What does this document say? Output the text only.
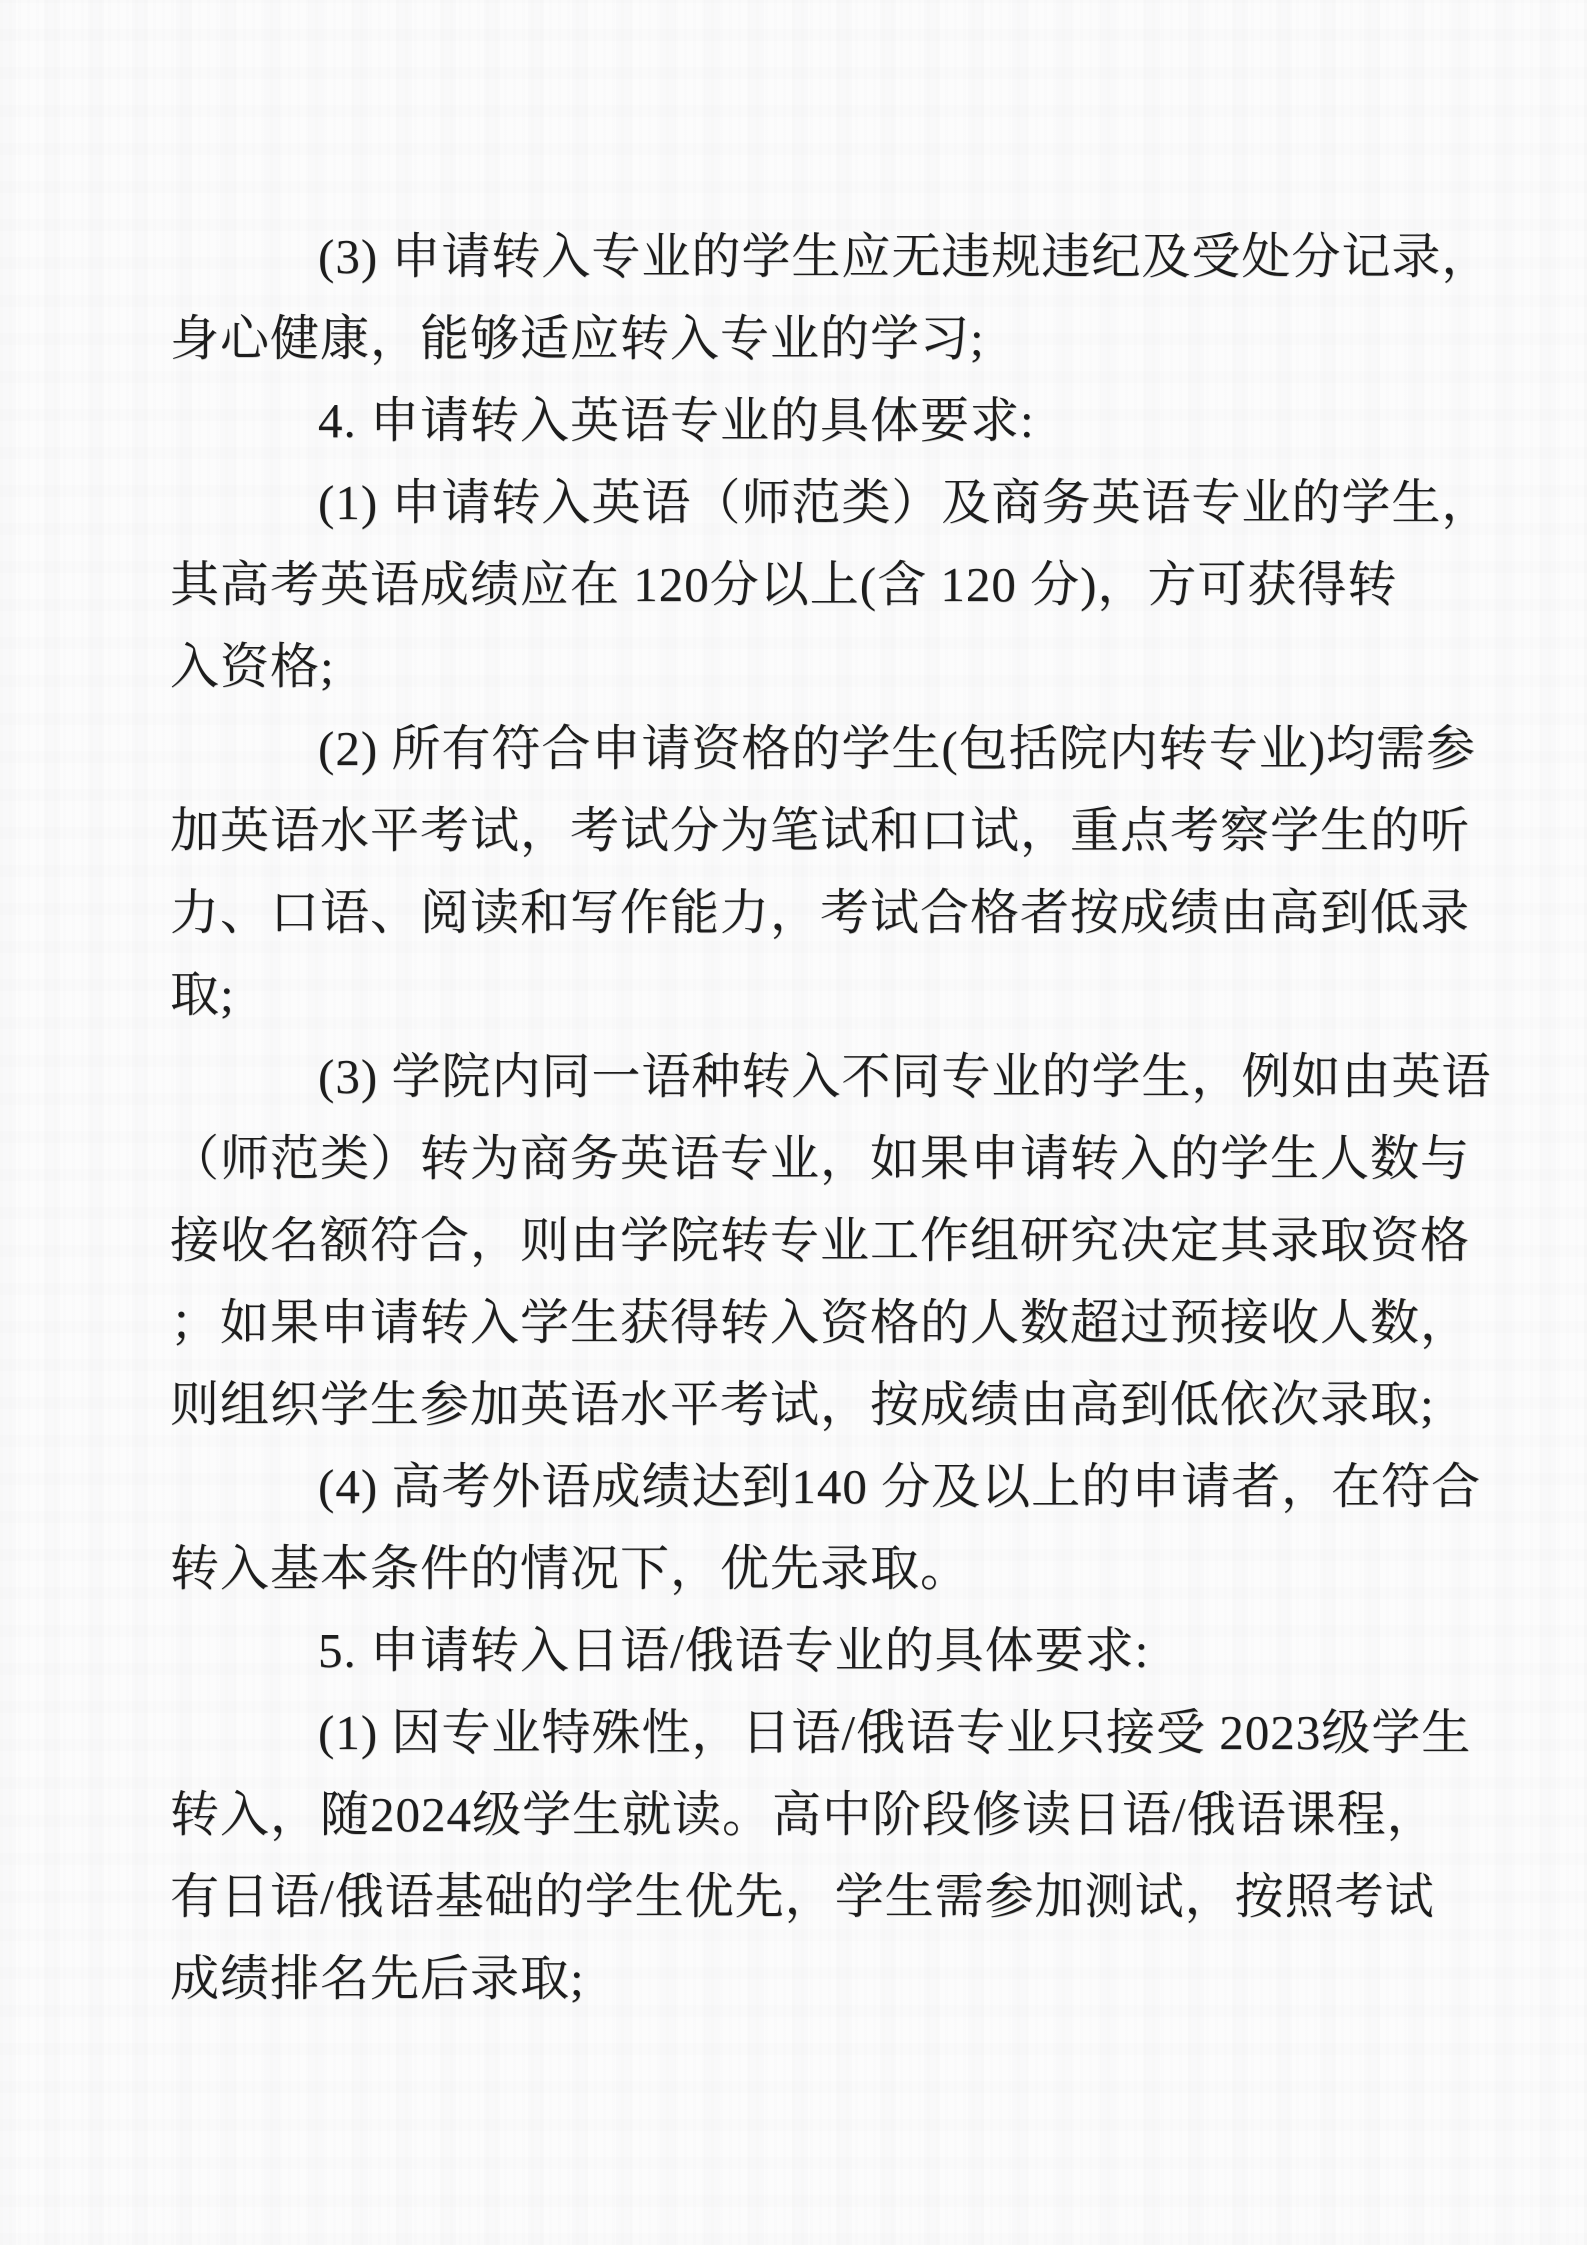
(3) 申请转入专业的学生应无违规违纪及受处分记录，
身心健康，能够适应转入专业的学习;
4. 申请转入英语专业的具体要求:
(1) 申请转入英语（师范类）及商务英语专业的学生，
其高考英语成绩应在 120分以上(含 120 分)，方可获得转
入资格;
(2) 所有符合申请资格的学生(包括院内转专业)均需参
加英语水平考试，考试分为笔试和口试，重点考察学生的听
力、口语、阅读和写作能力，考试合格者按成绩由高到低录
取;
(3) 学院内同一语种转入不同专业的学生，例如由英语
（师范类）转为商务英语专业，如果申请转入的学生人数与
接收名额符合，则由学院转专业工作组研究决定其录取资格
；如果申请转入学生获得转入资格的人数超过预接收人数，
则组织学生参加英语水平考试，按成绩由高到低依次录取;
(4) 高考外语成绩达到140 分及以上的申请者，在符合
转入基本条件的情况下，优先录取。
5. 申请转入日语/俄语专业的具体要求:
(1) 因专业特殊性，日语/俄语专业只接受 2023级学生
转入，随2024级学生就读。高中阶段修读日语/俄语课程，
有日语/俄语基础的学生优先，学生需参加测试，按照考试
成绩排名先后录取;
